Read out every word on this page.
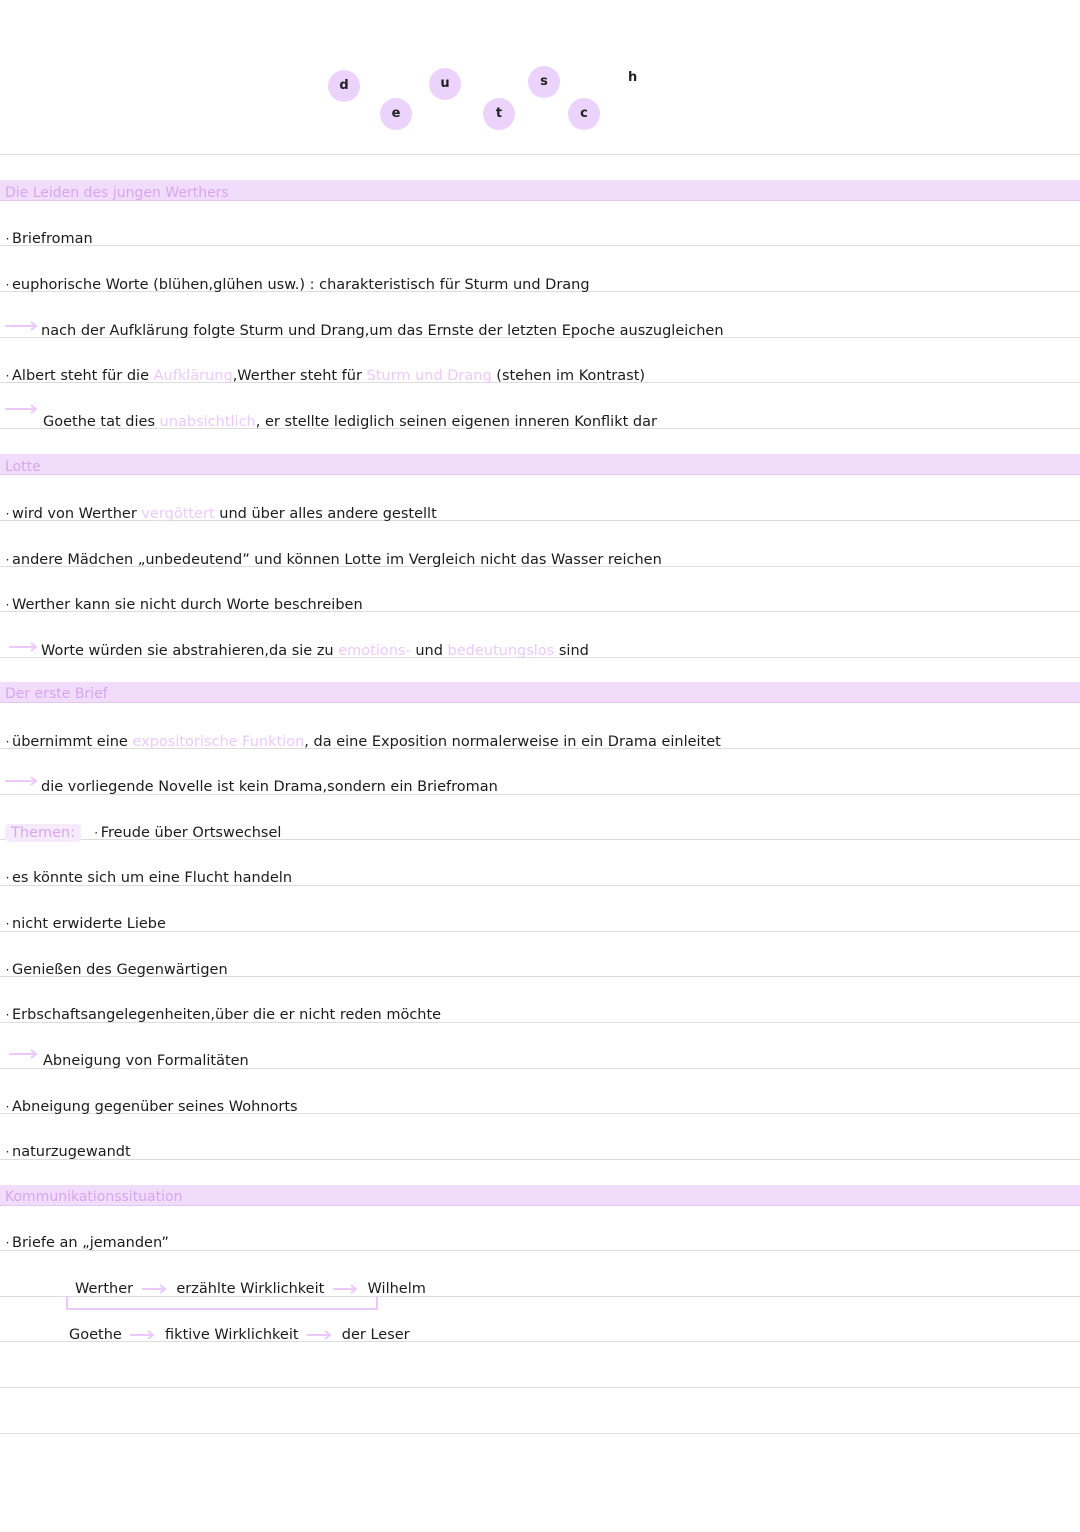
d
e
u
t
s
c
h
Die Leiden des jungen Werthers
· Briefroman
· euphorische Worte (blühen,glühen usw.) : charakteristisch für Sturm und Drang
nach der Aufklärung folgte Sturm und Drang,um das Ernste der letzten Epoche auszugleichen
· Albert steht für die Aufklärung,Werther steht für Sturm und Drang (stehen im Kontrast)
Goethe tat dies unabsichtlich, er stellte lediglich seinen eigenen inneren Konflikt dar
Lotte
· wird von Werther vergöttert und über alles andere gestellt
· andere Mädchen „unbedeutend” und können Lotte im Vergleich nicht das Wasser reichen
· Werther kann sie nicht durch Worte beschreiben
Worte würden sie abstrahieren,da sie zu emotions- und bedeutungslos sind
Der erste Brief
· übernimmt eine expositorische Funktion, da eine Exposition normalerweise in ein Drama einleitet
die vorliegende Novelle ist kein Drama,sondern ein Briefroman
Themen: · Freude über Ortswechsel
· es könnte sich um eine Flucht handeln
· nicht erwiderte Liebe
· Genießen des Gegenwärtigen
· Erbschaftsangelegenheiten,über die er nicht reden möchte
Abneigung von Formalitäten
· Abneigung gegenüber seines Wohnorts
· naturzugewandt
Kommunikationssituation
· Briefe an „jemanden”
Werther	erzählte Wirklichkeit	Wilhelm
Goethe	fiktive Wirklichkeit	der Leser
